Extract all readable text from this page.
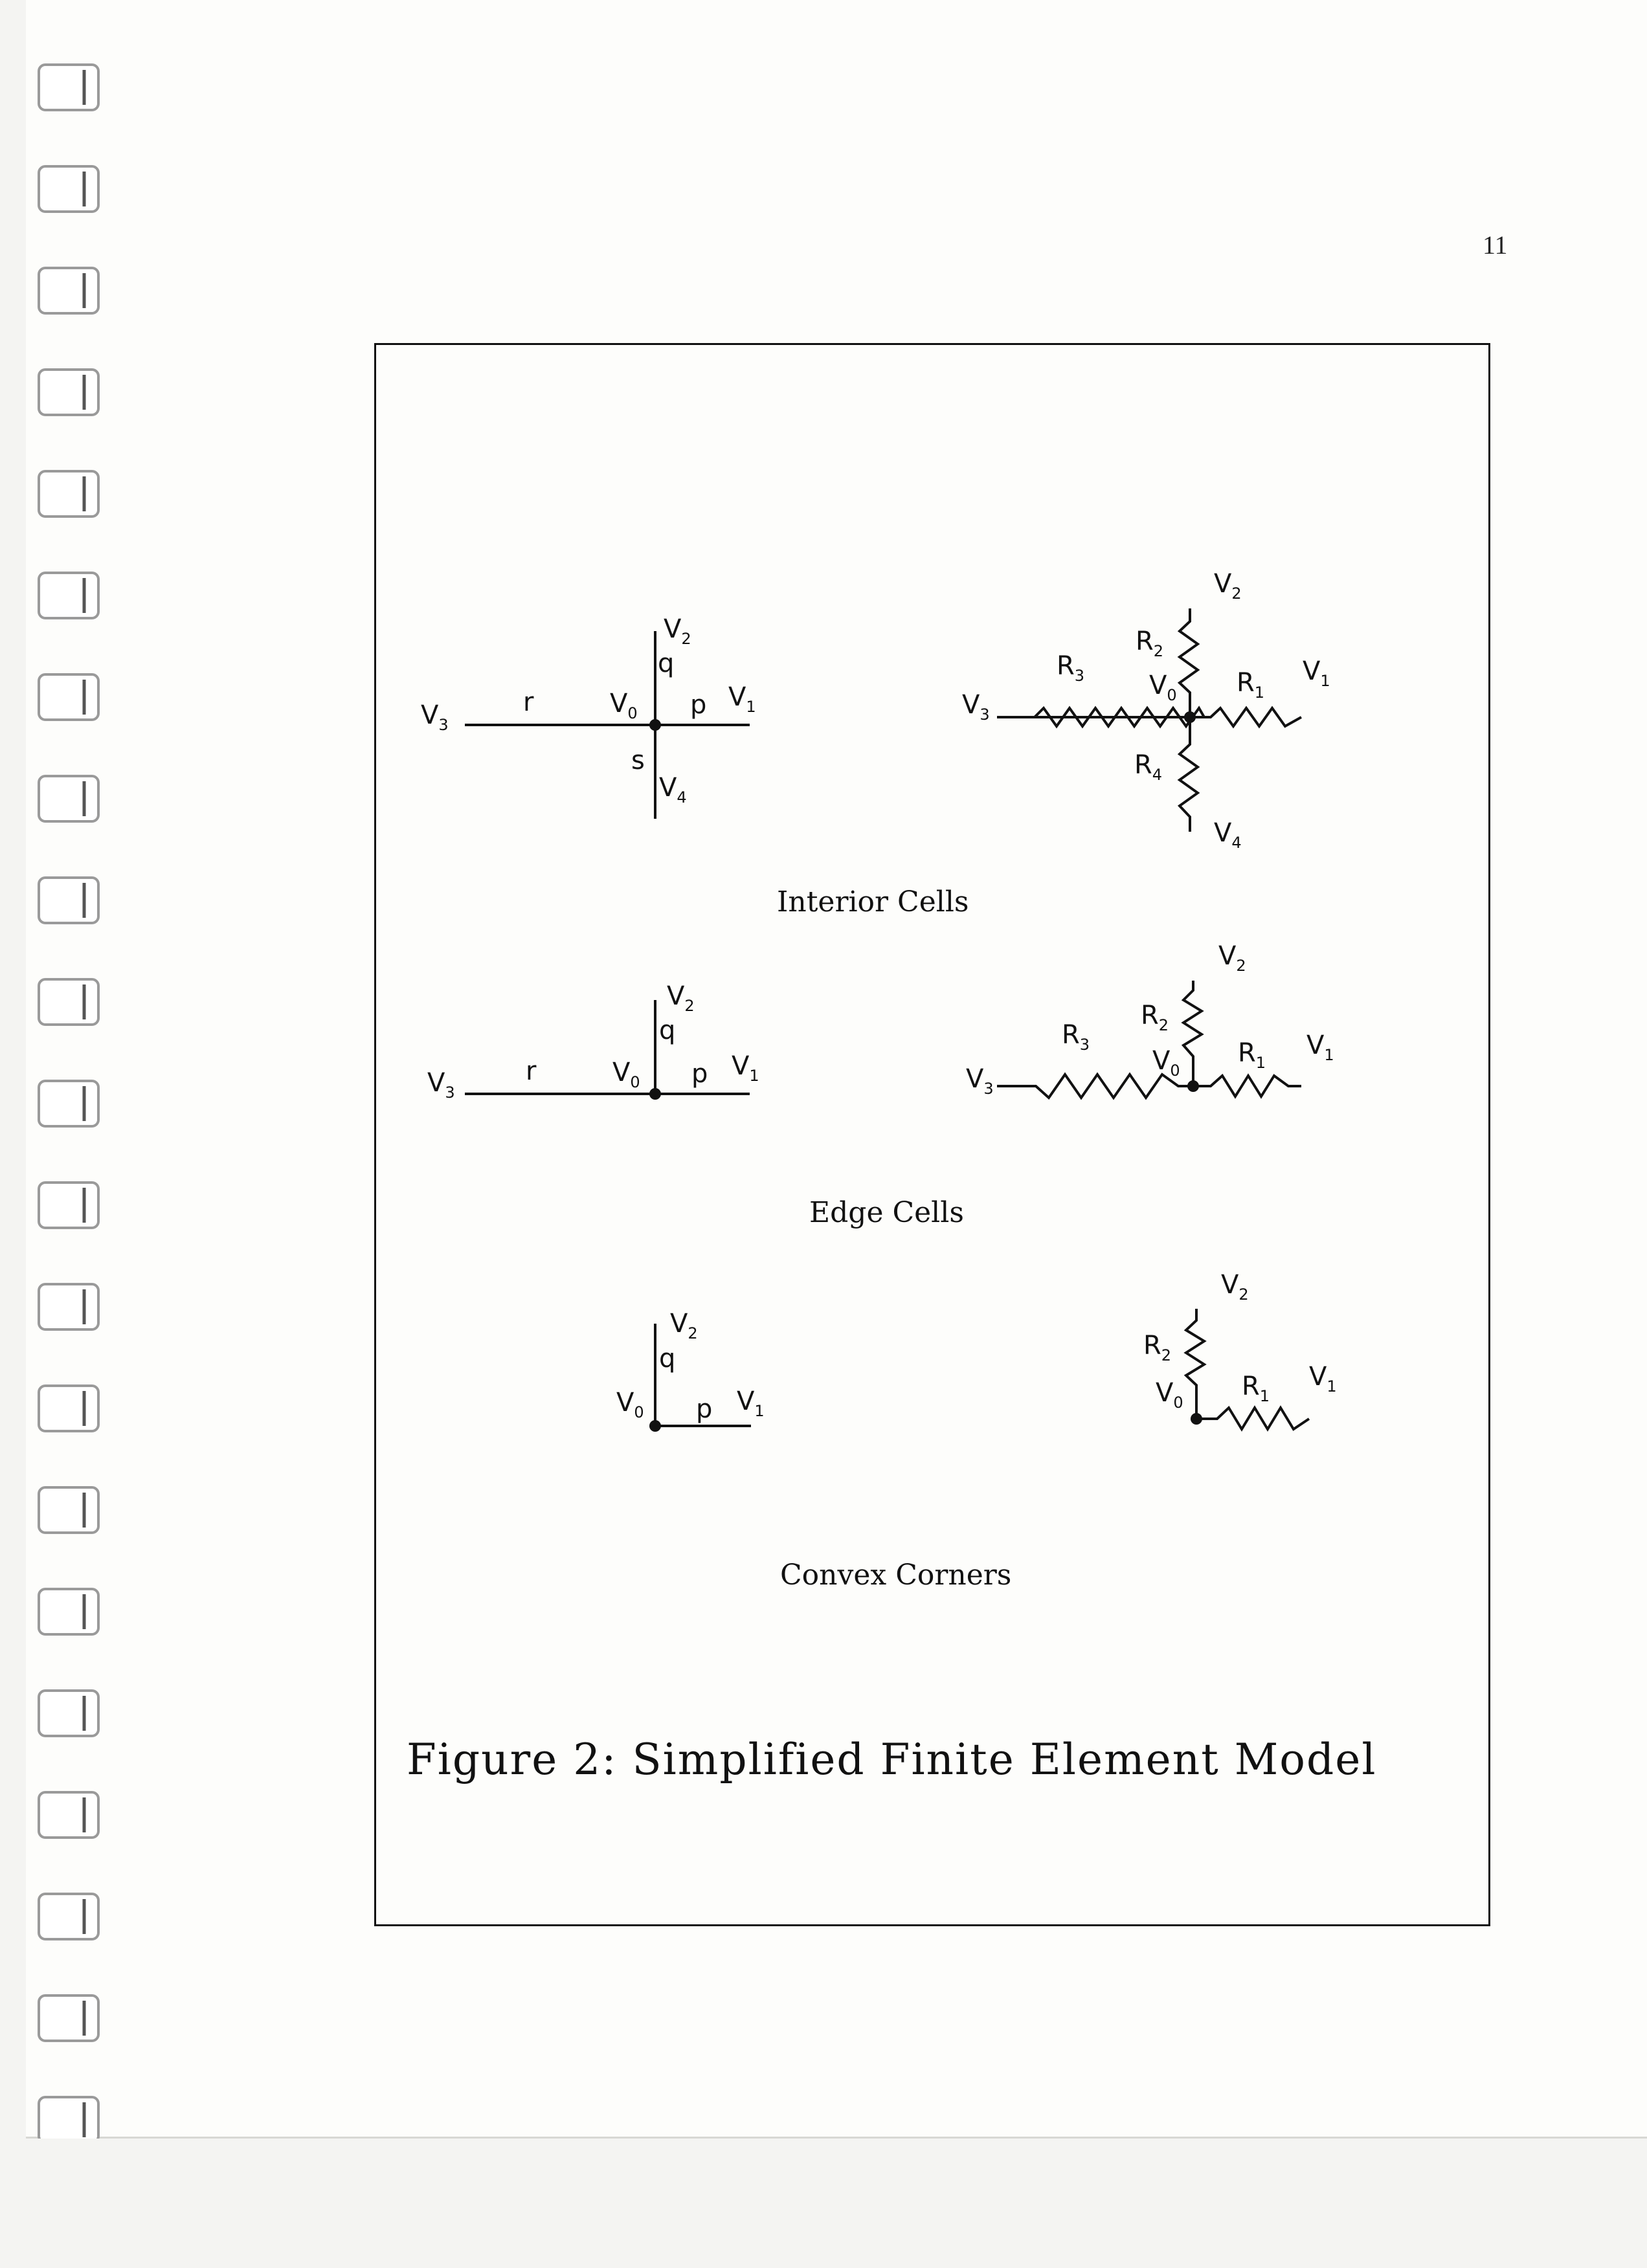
11
$V_3$
r	$V_0$ p $V_1$
$V_2$
q
s
$V_4$
$V_3$
$R_3$ $V_0$
$R_2$
$V_2$
$R_1$
$V_1$
$R_4$
$V_4$
$V_3$
r	$V_0$ p $V_1$
$V_2$
q
$V_3$
$R_3$
$V_0$
$R_2$
$V_2$
$R_1$
$V_1$
$V_0$ p $V_1$
$V_2$
q
$V_0$
$R_2$
$V_2$
$R_1$
$V_1$
Interior Cells
Edge Cells
Convex Corners
Figure 2: Simplified Finite Element Model
